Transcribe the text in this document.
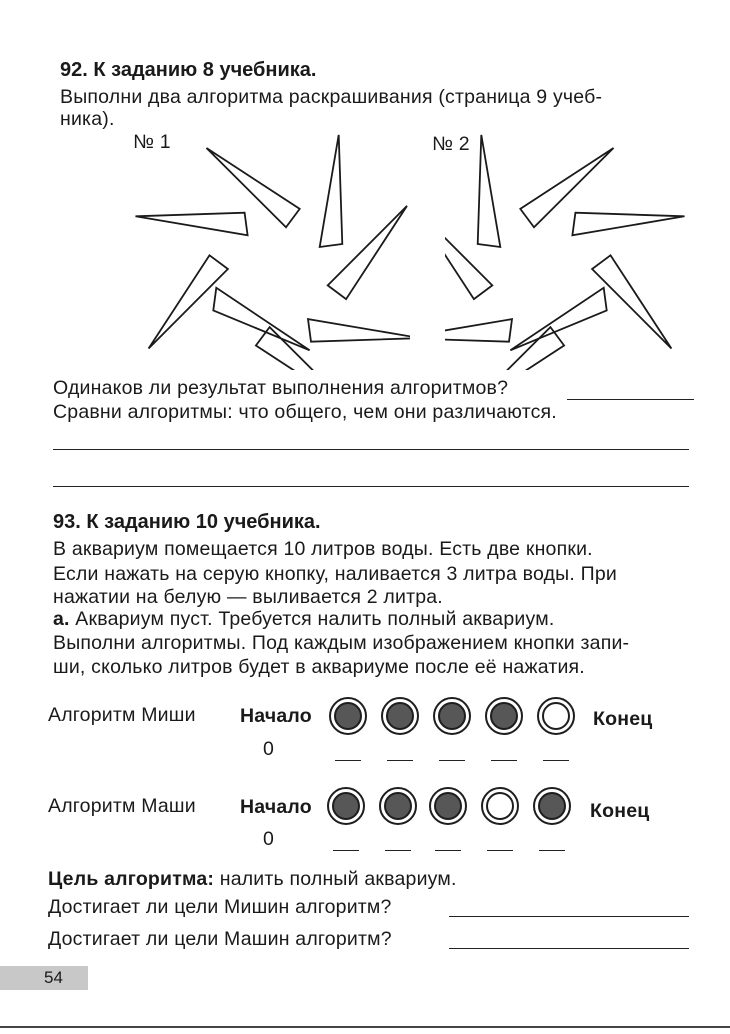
92. К заданию 8 учебника.
Выполни два алгоритма раскрашивания (страница 9 учеб-
ника).
№ 1	№ 2
Одинаков ли результат выполнения алгоритмов?
Сравни алгоритмы: что общего, чем они различаются.
93. К заданию 10 учебника.
В аквариум помещается 10 литров воды. Есть две кнопки.
Если нажать на серую кнопку, наливается 3 литра воды. При
нажатии на белую — выливается 2 литра.
а. Аквариум пуст. Требуется налить полный аквариум.
Выполни алгоритмы. Под каждым изображением кнопки запи-
ши, сколько литров будет в аквариуме после её нажатия.
Алгоритм Миши Начало
0
Конец
Алгоритм Маши Начало
0
Конец
Цель алгоритма: налить полный аквариум.
Достигает ли цели Мишин алгоритм?
Достигает ли цели Машин алгоритм?
54
